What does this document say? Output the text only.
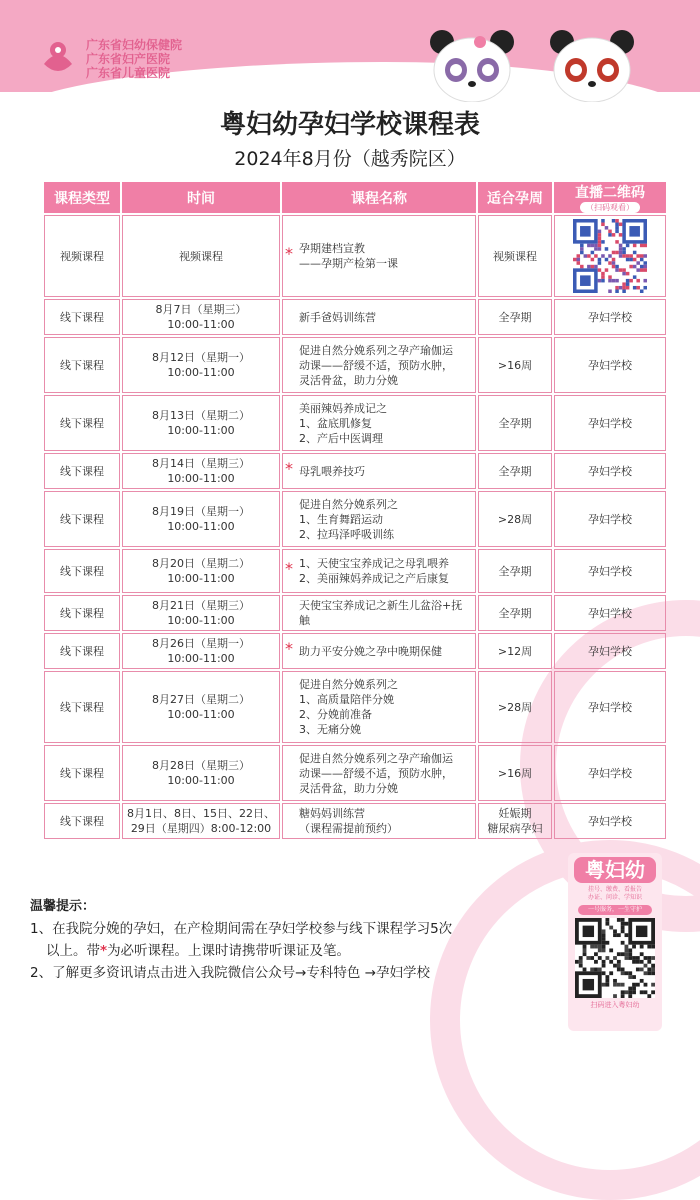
广东省妇幼保健院
广东省妇产医院
广东省儿童医院
粤妇幼孕妇学校课程表
2024年8月份（越秀院区）
课程类型	时间	课程名称	适合孕周	直播二维码
（扫码观看）

视频课程	视频课程	* 孕期建档宣教
——孕期产检第一课	视频课程	

线下课程	8月7日（星期三）
10:00-11:00	新手爸妈训练营	全孕期	孕妇学校
线下课程	8月12日（星期一）
10:00-11:00	促进自然分娩系列之孕产瑜伽运
动课——舒缓不适，预防水肿，
灵活骨盆，助力分娩	>16周	孕妇学校
线下课程	8月13日（星期二）
10:00-11:00	美丽辣妈养成记之
1、盆底肌修复
2、产后中医调理	全孕期	孕妇学校
线下课程	8月14日（星期三）
10:00-11:00	* 母乳喂养技巧	全孕期	孕妇学校
线下课程	8月19日（星期一）
10:00-11:00	促进自然分娩系列之
1、生育舞蹈运动
2、拉玛泽呼吸训练	>28周	孕妇学校
线下课程	8月20日（星期二）
10:00-11:00	* 1、天使宝宝养成记之母乳喂养
2、美丽辣妈养成记之产后康复	全孕期	孕妇学校
线下课程	8月21日（星期三）
10:00-11:00	天使宝宝养成记之新生儿盆浴+抚触	全孕期	孕妇学校
线下课程	8月26日（星期一）
10:00-11:00	* 助力平安分娩之孕中晚期保健	>12周	孕妇学校
线下课程	8月27日（星期二）
10:00-11:00	促进自然分娩系列之
1、高质量陪伴分娩
2、分娩前准备
3、无痛分娩	>28周	孕妇学校
线下课程	8月28日（星期三）
10:00-11:00	促进自然分娩系列之孕产瑜伽运
动课——舒缓不适，预防水肿，
灵活骨盆，助力分娩	>16周	孕妇学校
线下课程	8月1日、8日、15日、22日、
29日（星期四）8:00-12:00	糖妈妈训练营
（课程需提前预约）	妊娠期
糖尿病孕妇	孕妇学校

温馨提示：

1、在我院分娩的孕妇，在产检期间需在孕妇学校参与线下课程学习5次

以上。带*为必听课程。上课时请携带听课证及笔。

2、了解更多资讯请点击进入我院微信公众号→专科特色 →孕妇学校

粤妇幼
挂号、缴费、看报告
办证、问诊、学知识
一号服务，一生守护
扫码进入粤妇幼
